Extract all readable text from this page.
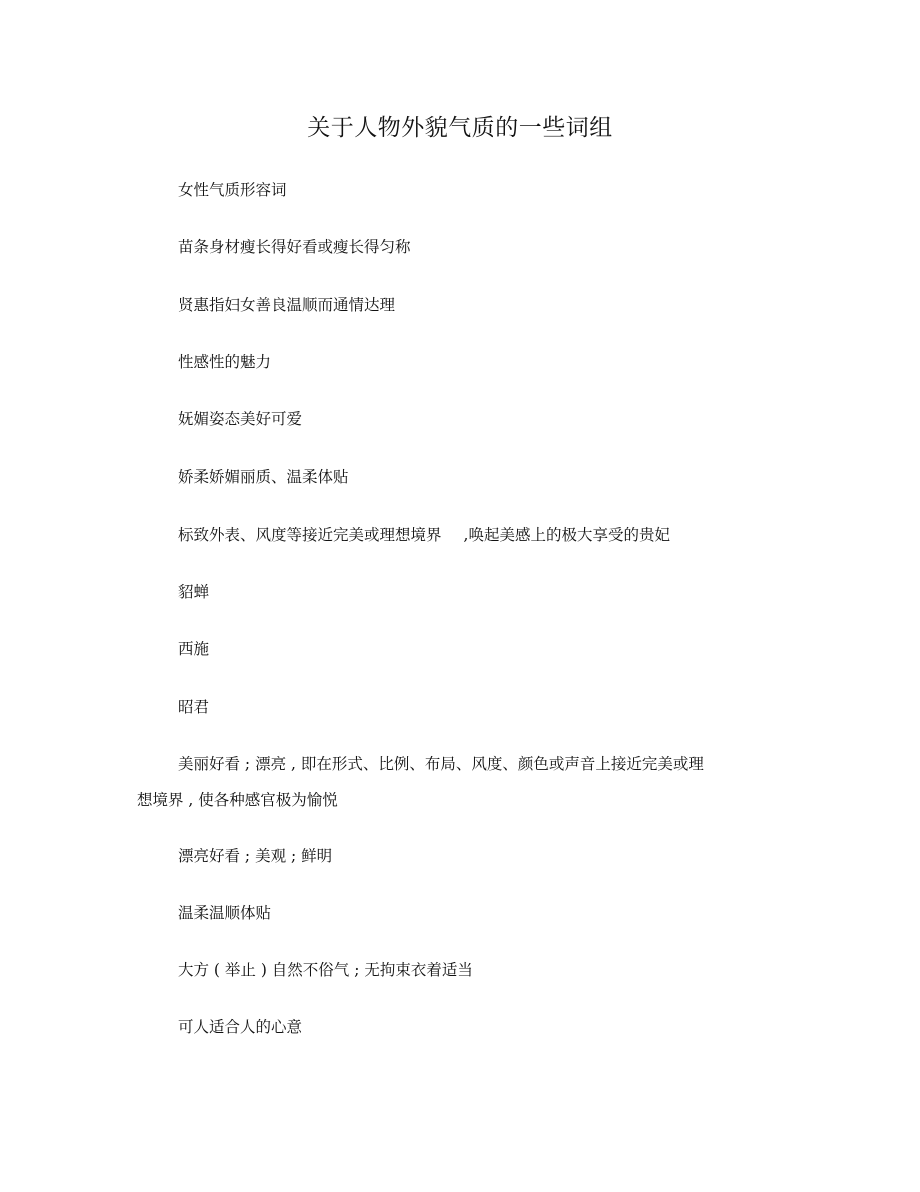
关于人物外貌气质的一些词组
女性气质形容词
苗条身材瘦长得好看或瘦长得匀称
贤惠指妇女善良温顺而通情达理
性感性的魅力
妩媚姿态美好可爱
娇柔娇媚丽质、温柔体贴
标致外表、风度等接近完美或理想境界 ,唤起美感上的极大享受的贵妃
貂蝉
西施
昭君
美丽好看 ; 漂亮 , 即在形式、比例、布局、风度、颜色或声音上接近完美或理
想境界 , 使各种感官极为愉悦
漂亮好看 ; 美观 ; 鲜明
温柔温顺体贴
大方 ( 举止 ) 自然不俗气 ; 无拘束衣着适当
可人适合人的心意
